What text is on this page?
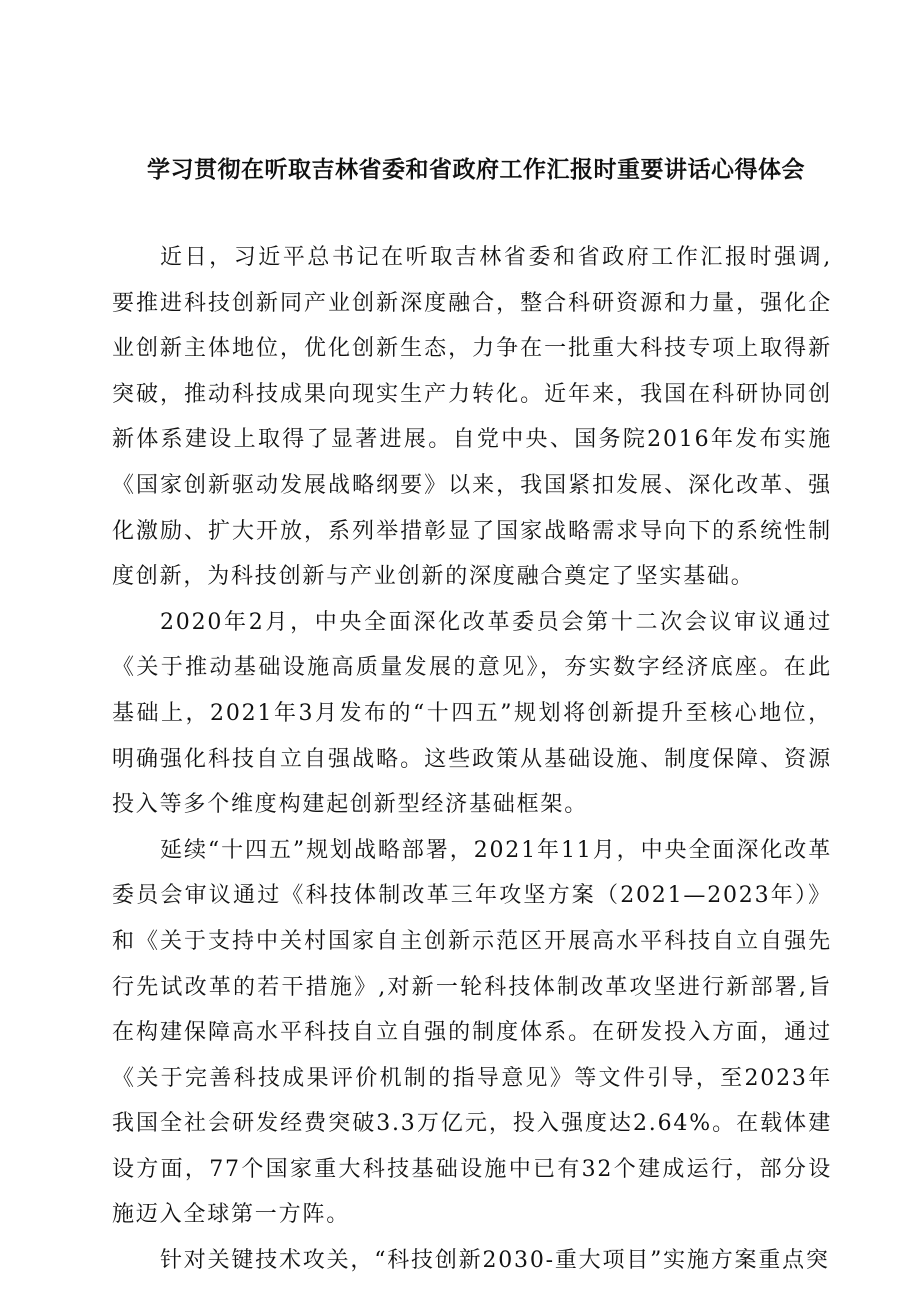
学习贯彻在听取吉林省委和省政府工作汇报时重要讲话心得体会

近日，习近平总书记在听取吉林省委和省政府工作汇报时强调,要推进科技创新同产业创新深度融合，整合科研资源和力量，强化企业创新主体地位，优化创新生态，力争在一批重大科技专项上取得新突破，推动科技成果向现实生产力转化。近年来，我国在科研协同创新体系建设上取得了显著进展。自党中央、国务院2016年发布实施《国家创新驱动发展战略纲要》以来，我国紧扣发展、深化改革、强化激励、扩大开放，系列举措彰显了国家战略需求导向下的系统性制度创新，为科技创新与产业创新的深度融合奠定了坚实基础。

2020年2月，中央全面深化改革委员会第十二次会议审议通过《关于推动基础设施高质量发展的意见》，夯实数字经济底座。在此基础上，2021年3月发布的“十四五”规划将创新提升至核心地位，明确强化科技自立自强战略。这些政策从基础设施、制度保障、资源投入等多个维度构建起创新型经济基础框架。

延续“十四五”规划战略部署，2021年11月，中央全面深化改革委员会审议通过《科技体制改革三年攻坚方案（2021—2023年）》和《关于支持中关村国家自主创新示范区开展高水平科技自立自强先行先试改革的若干措施》,对新一轮科技体制改革攻坚进行新部署,旨在构建保障高水平科技自立自强的制度体系。在研发投入方面，通过《关于完善科技成果评价机制的指导意见》等文件引导，至2023年我国全社会研发经费突破3.3万亿元，投入强度达2.64%。在载体建设方面，77个国家重大科技基础设施中已有32个建成运行，部分设施迈入全球第一方阵。

针对关键技术攻关，“科技创新2030-重大项目”实施方案重点突
